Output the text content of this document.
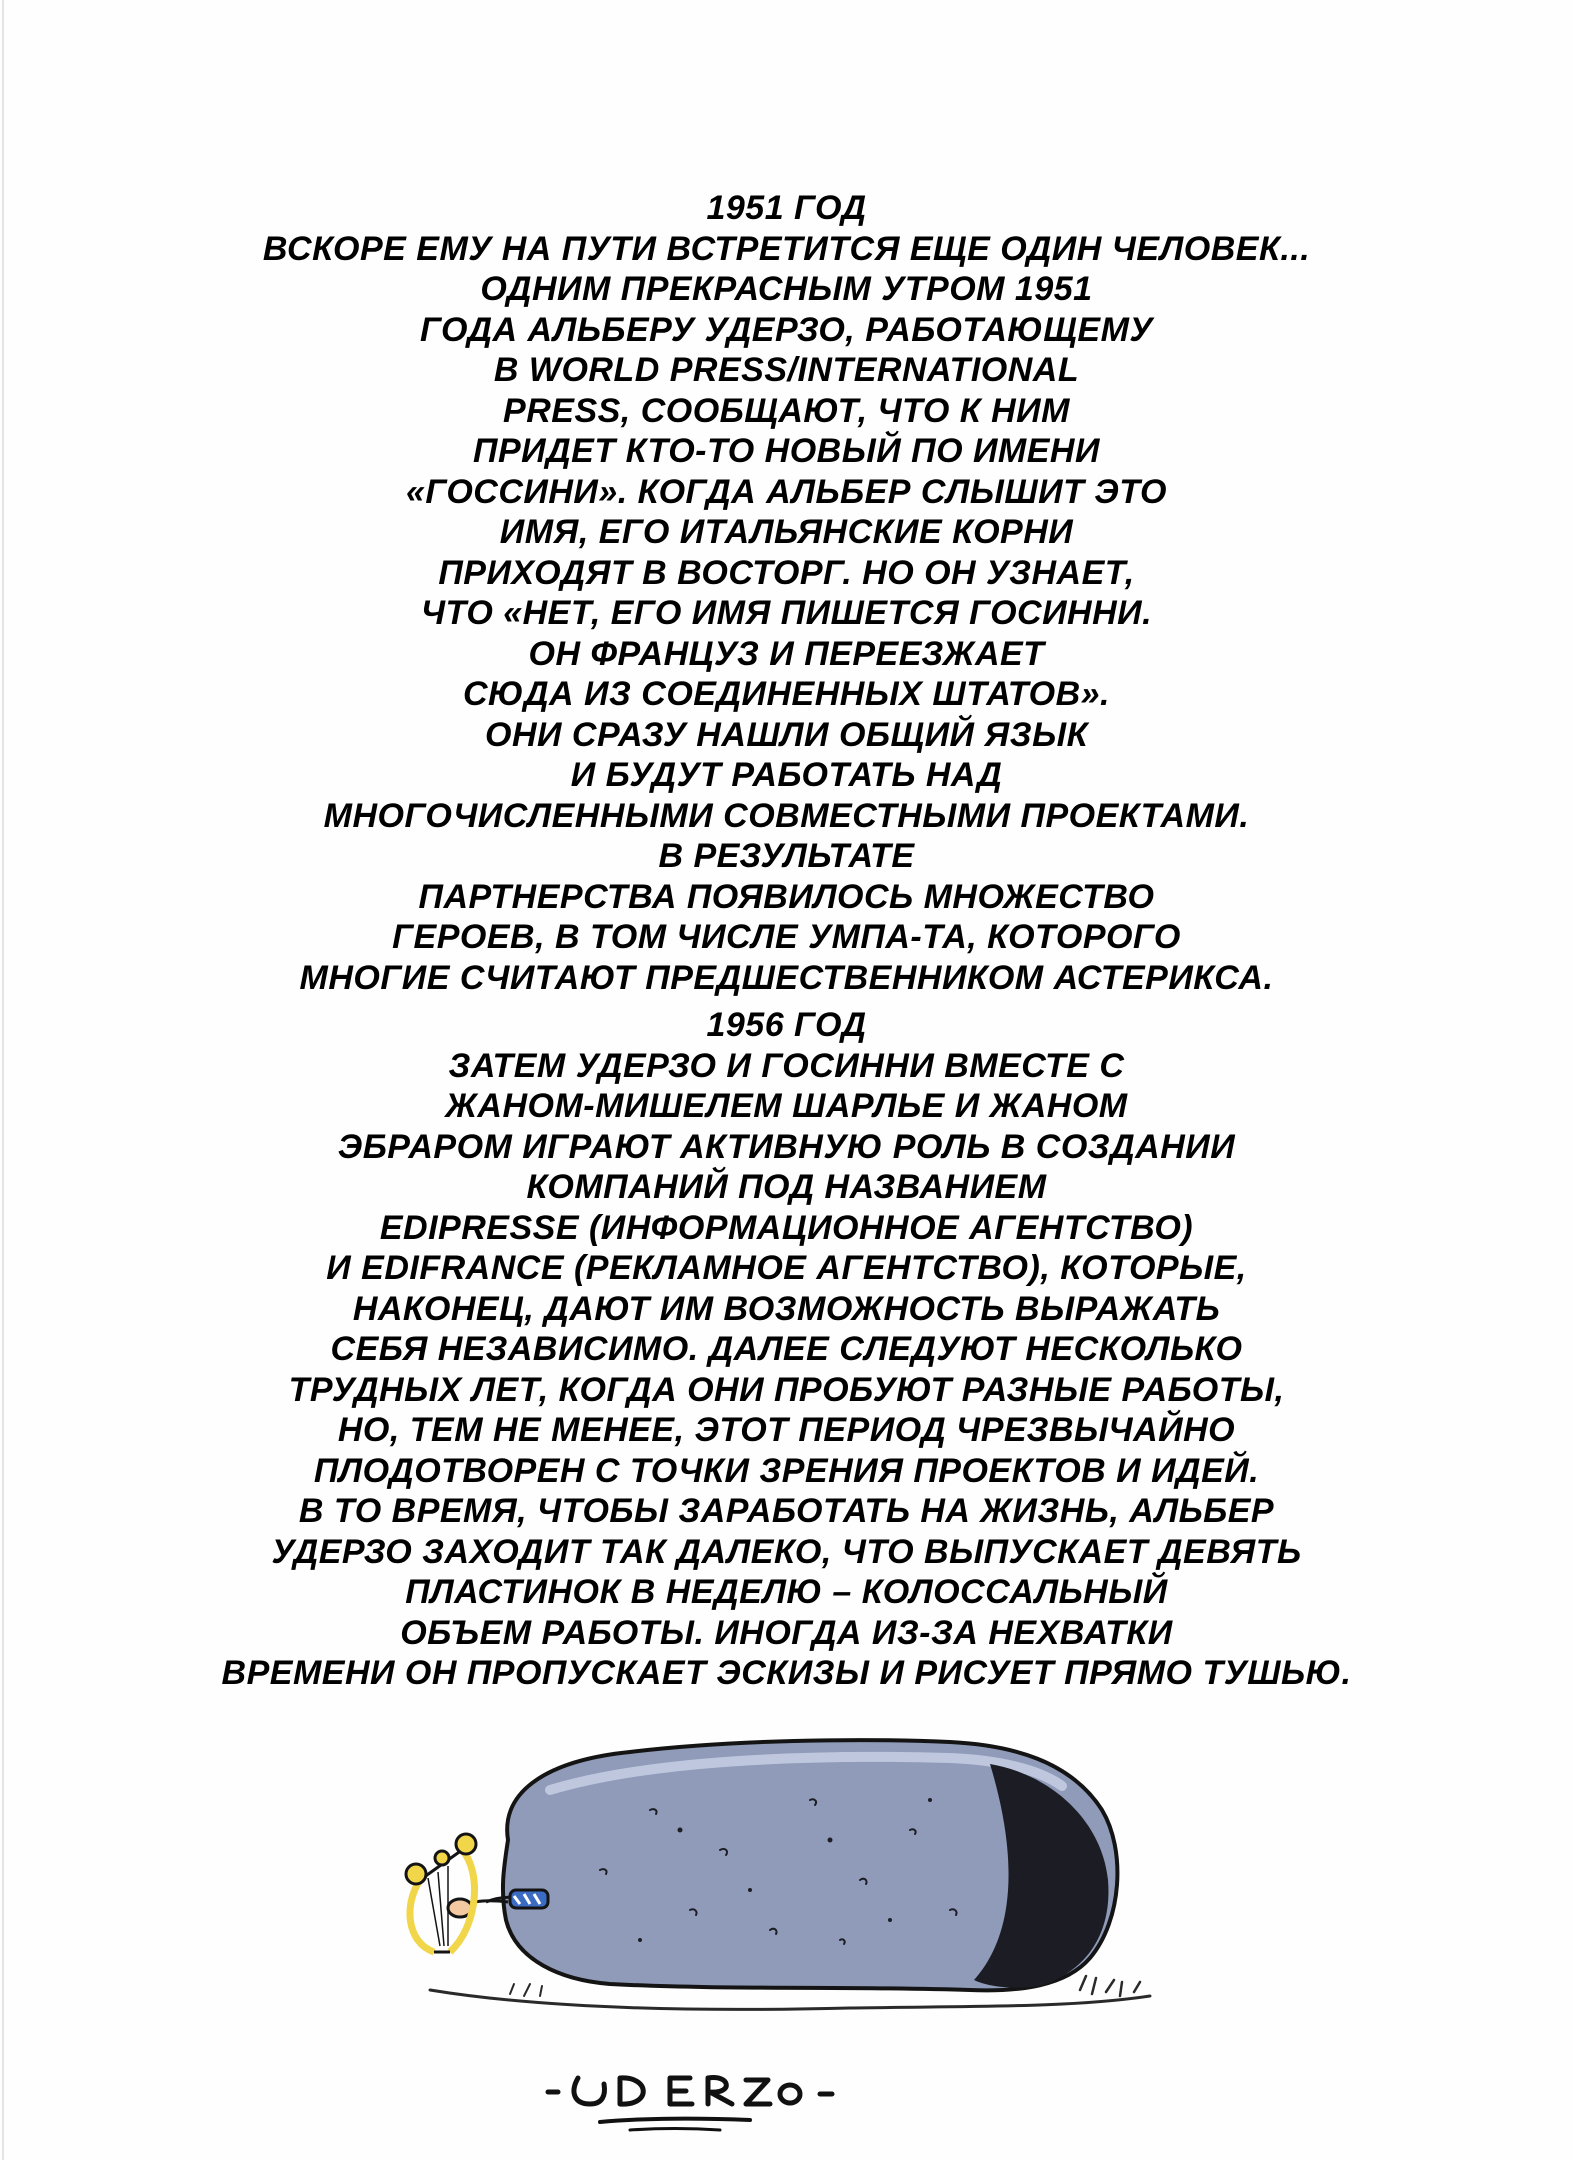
1951 ГОД
ВСКОРЕ ЕМУ НА ПУТИ ВСТРЕТИТСЯ ЕЩЕ ОДИН ЧЕЛОВЕК...
ОДНИМ ПРЕКРАСНЫМ УТРОМ 1951
ГОДА АЛЬБЕРУ УДЕРЗО, РАБОТАЮЩЕМУ
В WORLD PRESS/INTERNATIONAL
PRESS, СООБЩАЮТ, ЧТО К НИМ
ПРИДЕТ КТО-ТО НОВЫЙ ПО ИМЕНИ
«ГОССИНИ». КОГДА АЛЬБЕР СЛЫШИТ ЭТО
ИМЯ, ЕГО ИТАЛЬЯНСКИЕ КОРНИ
ПРИХОДЯТ В ВОСТОРГ. НО ОН УЗНАЕТ,
ЧТО «НЕТ, ЕГО ИМЯ ПИШЕТСЯ ГОСИННИ.
ОН ФРАНЦУЗ И ПЕРЕЕЗЖАЕТ
СЮДА ИЗ СОЕДИНЕННЫХ ШТАТОВ».
ОНИ СРАЗУ НАШЛИ ОБЩИЙ ЯЗЫК
И БУДУТ РАБОТАТЬ НАД
МНОГОЧИСЛЕННЫМИ СОВМЕСТНЫМИ ПРОЕКТАМИ.
В РЕЗУЛЬТАТЕ
ПАРТНЕРСТВА ПОЯВИЛОСЬ МНОЖЕСТВО
ГЕРОЕВ, В ТОМ ЧИСЛЕ УМПА-ТА, КОТОРОГО
МНОГИЕ СЧИТАЮТ ПРЕДШЕСТВЕННИКОМ АСТЕРИКСА.
1956 ГОД
ЗАТЕМ УДЕРЗО И ГОСИННИ ВМЕСТЕ С
ЖАНОМ-МИШЕЛЕМ ШАРЛЬЕ И ЖАНОМ
ЭБРАРОМ ИГРАЮТ АКТИВНУЮ РОЛЬ В СОЗДАНИИ
КОМПАНИЙ ПОД НАЗВАНИЕМ
EDIPRESSE (ИНФОРМАЦИОННОЕ АГЕНТСТВО)
И EDIFRANCE (РЕКЛАМНОЕ АГЕНТСТВО), КОТОРЫЕ,
НАКОНЕЦ, ДАЮТ ИМ ВОЗМОЖНОСТЬ ВЫРАЖАТЬ
СЕБЯ НЕЗАВИСИМО. ДАЛЕЕ СЛЕДУЮТ НЕСКОЛЬКО
ТРУДНЫХ ЛЕТ, КОГДА ОНИ ПРОБУЮТ РАЗНЫЕ РАБОТЫ,
НО, ТЕМ НЕ МЕНЕЕ, ЭТОТ ПЕРИОД ЧРЕЗВЫЧАЙНО
ПЛОДОТВОРЕН С ТОЧКИ ЗРЕНИЯ ПРОЕКТОВ И ИДЕЙ.
В ТО ВРЕМЯ, ЧТОБЫ ЗАРАБОТАТЬ НА ЖИЗНЬ, АЛЬБЕР
УДЕРЗО ЗАХОДИТ ТАК ДАЛЕКО, ЧТО ВЫПУСКАЕТ ДЕВЯТЬ
ПЛАСТИНОК В НЕДЕЛЮ – КОЛОССАЛЬНЫЙ
ОБЪЕМ РАБОТЫ. ИНОГДА ИЗ-ЗА НЕХВАТКИ
ВРЕМЕНИ ОН ПРОПУСКАЕТ ЭСКИЗЫ И РИСУЕТ ПРЯМО ТУШЬЮ.
